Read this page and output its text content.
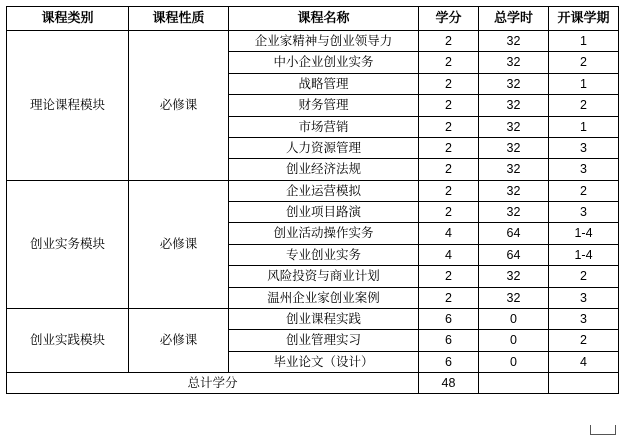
课程类别	课程性质	课程名称	学分	总学时	开课学期
理论课程模块	必修课	企业家精神与创业领导力	2	32	1
		中小企业创业实务	2	32	2
		战略管理	2	32	1
		财务管理	2	32	2
		市场营销	2	32	1
		人力资源管理	2	32	3
		创业经济法规	2	32	3
创业实务模块	必修课	企业运营模拟	2	32	2
		创业项目路演	2	32	3
		创业活动操作实务	4	64	1-4
		专业创业实务	4	64	1-4
		风险投资与商业计划	2	32	2
		温州企业家创业案例	2	32	3
创业实践模块	必修课	创业课程实践	6	0	3
		创业管理实习	6	0	2
		毕业论文（设计）	6	0	4
总计学分			48		
